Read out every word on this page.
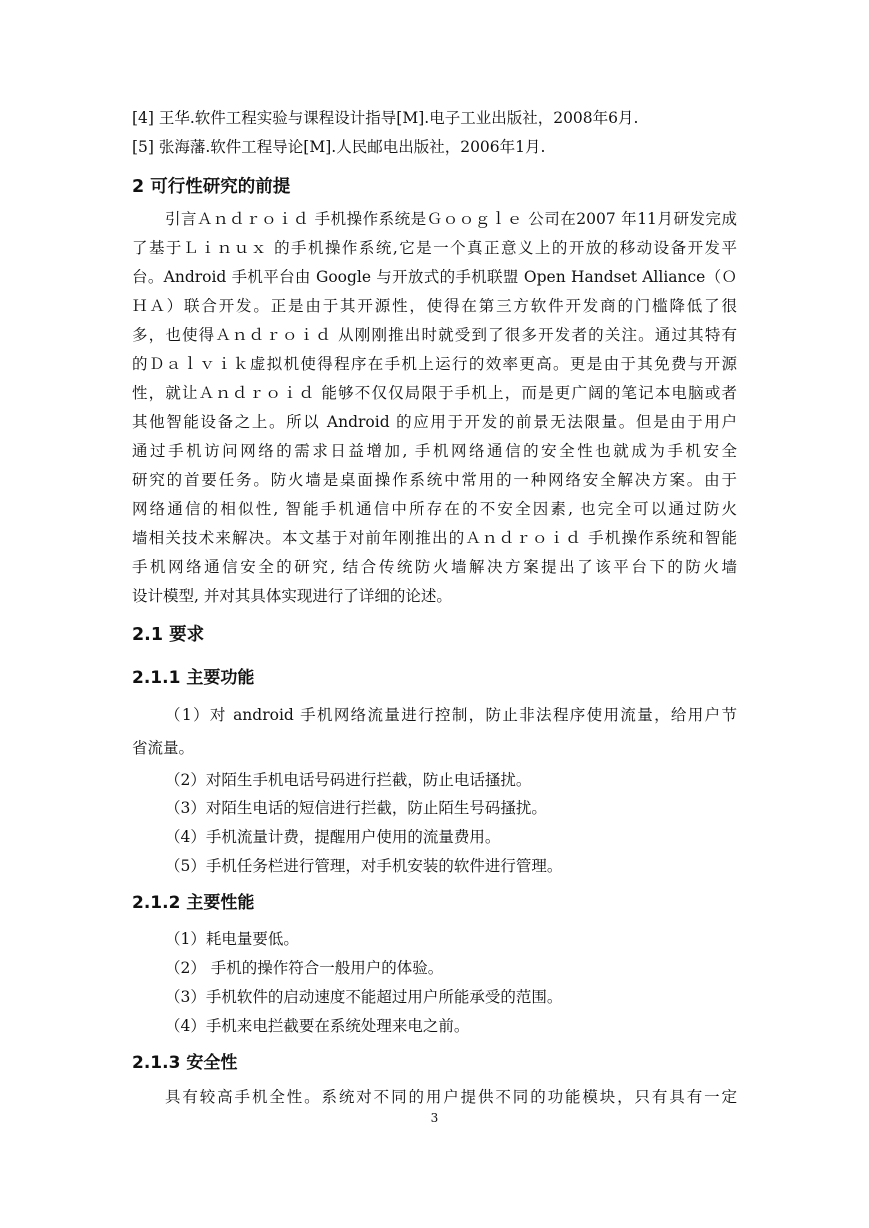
[4] 王华.软件工程实验与课程设计指导[M].电子工业出版社，2008年6月.
[5] 张海藩.软件工程导论[M].人民邮电出版社，2006年1月.
2 可行性研究的前提
引言Ａｎｄｒｏｉｄ 手机操作系统是Ｇｏｏｇｌｅ 公司在2007 年11月研发完成
了基于Ｌｉｎｕｘ 的手机操作系统,它是一个真正意义上的开放的移动设备开发平
台。Android 手机平台由 Google 与开放式的手机联盟 Open Handset Alliance（Ｏ
ＨＡ）联合开发。正是由于其开源性，使得在第三方软件开发商的门槛降低了很
多，也使得Ａｎｄｒｏｉｄ 从刚刚推出时就受到了很多开发者的关注。通过其特有
的Ｄａｌｖｉｋ虚拟机使得程序在手机上运行的效率更高。更是由于其免费与开源
性，就让Ａｎｄｒｏｉｄ 能够不仅仅局限于手机上，而是更广阔的笔记本电脑或者
其他智能设备之上。所以 Android 的应用于开发的前景无法限量。但是由于用户
通过手机访问网络的需求日益增加, 手机网络通信的安全性也就成为手机安全
研究的首要任务。防火墙是桌面操作系统中常用的一种网络安全解决方案。由于
网络通信的相似性, 智能手机通信中所存在的不安全因素, 也完全可以通过防火
墙相关技术来解决。本文基于对前年刚推出的Ａｎｄｒｏｉｄ 手机操作系统和智能
手机网络通信安全的研究, 结合传统防火墙解决方案提出了该平台下的防火墙
设计模型, 并对其具体实现进行了详细的论述。
2.1 要求
2.1.1 主要功能
（1）对 android 手机网络流量进行控制，防止非法程序使用流量，给用户节
省流量。
（2）对陌生手机电话号码进行拦截，防止电话搔扰。
（3）对陌生电话的短信进行拦截，防止陌生号码搔扰。
（4）手机流量计费，提醒用户使用的流量费用。
（5）手机任务栏进行管理，对手机安装的软件进行管理。
2.1.2 主要性能
（1）耗电量要低。
（2） 手机的操作符合一般用户的体验。
（3）手机软件的启动速度不能超过用户所能承受的范围。
（4）手机来电拦截要在系统处理来电之前。
2.1.3 安全性
具有较高手机全性。系统对不同的用户提供不同的功能模块，只有具有一定
3
